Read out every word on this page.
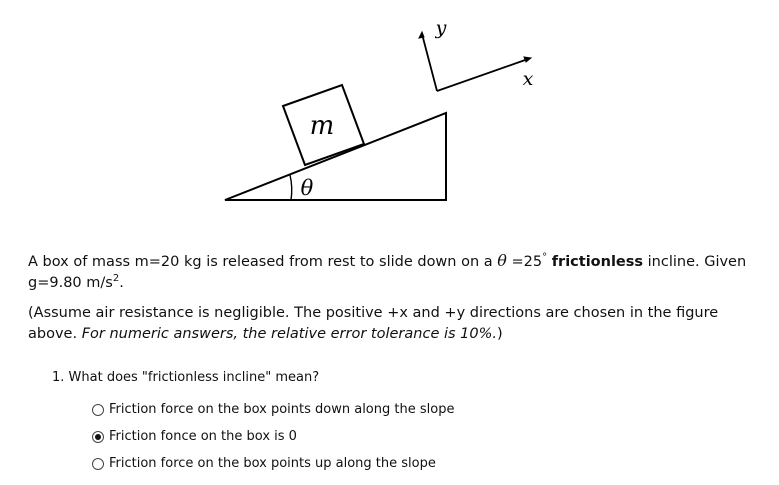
m
θ
y
x

A box of mass m=20 kg is released from rest to slide down on a θ =25° frictionless incline. Given
g=9.80 $m/s^2$.

(Assume air resistance is negligible. The positive +x and +y directions are chosen in the figure above. For numeric answers, the relative error tolerance is 10%.)

1. What does "frictionless incline" mean?
Friction force on the box points down along the slope
Friction fonce on the box is 0
Friction force on the box points up along the slope
